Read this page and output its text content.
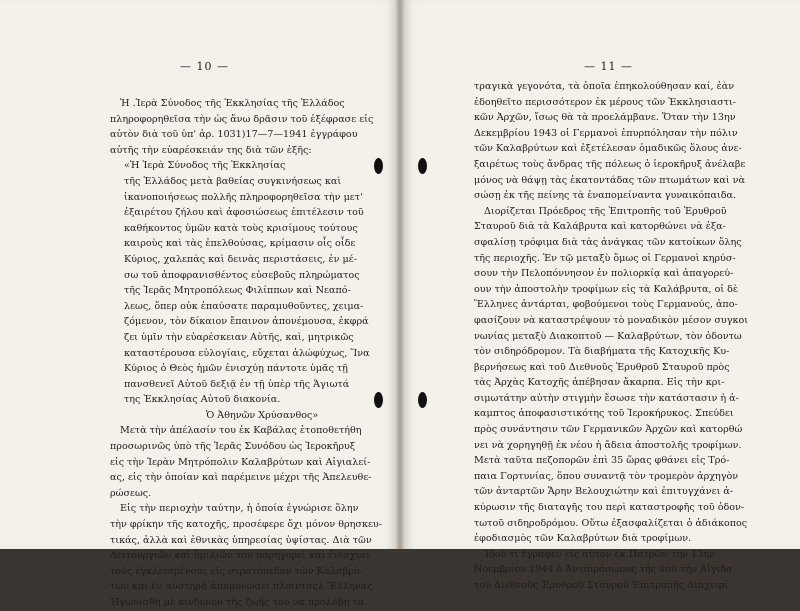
— 10 —
Ἡ .Ἱερὰ Σύνοδος τῆς Ἐκκλησίας τῆς Ἑλλάδος
πληροφορηθεῖσα τὴν ὡς ἄνω δρᾶσιν τοῦ ἐξέφρασε εἰς
αὐτὸν διὰ τοῦ ὑπ' ἀρ. 1031)17—7—1941 ἐγγράφου
αὐτῆς τὴν εὐαρέσκειάν της διὰ τῶν ἑξῆς:
«Ἡ Ἱερὰ Σύνοδος τῆς Ἐκκλησίας
τῆς Ἑλλάδος μετὰ βαθείας συγκινήσεως καὶ
ἱκανοποιήσεως πολλῆς πληροφορηθεῖσα τὴν μετ'
ἐξαιρέτου ζήλου καὶ ἀφοσιώσεως ἐπιτέλεσιν τοῦ
καθήκοντος ὑμῶν κατὰ τοὺς κρισίμους τούτους
καιροὺς καὶ τὰς ἐπελθούσας, κρίμασιν οἷς οἶδε
Κύριος, χαλεπὰς καὶ δεινὰς περιστάσεις, ἐν μέ-
σω τοῦ ἀποφρανισθέντος εὐσεβοῦς πληρώματος
τῆς Ἱερᾶς Μητροπόλεως Φιλίππων καὶ Νεαπό-
λεως, ὅπερ οὐκ ἐπαύσατε παραμυθοῦντες, χειμα-
ζόμενον, τὸν δίκαιον ἔπαινον ἀπονέμουσα, ἐκφρά
ζει ὑμῖν τὴν εὐαρέσκειαν Αὐτῆς, καὶ, μητρικῶς
καταστέρουσα εὐλογίαις, εὔχεται ἀλώφύχως, Ἵνα
Κύριος ὁ Θεὸς ἡμῶν ἐνισχύῃ πάντοτε ὑμᾶς τῇ
πανσθενεῖ Αὐτοῦ δεξιᾷ ἐν τῇ ὑπὲρ τῆς Ἁγιωτά
της Ἐκκλησίας Αὐτοῦ διακονία.
Ὁ Ἀθηνῶν Χρύσανθος»
Μετὰ τὴν ἀπέλασίν του ἐκ Καβάλας ἐτοποθετήθη
προσωρινῶς ὑπὸ τῆς Ἱερᾶς Συνόδου ὡς Ἱεροκῆρυξ
εἰς τὴν Ἱερὰν Μητρόπολιν Καλαβρύτων καὶ Αἰγιαλεί-
ας, εἰς τὴν ὁποίαν καὶ παρέμεινε μέχρι τῆς Ἀπελευθε-
ρώσεως.
Εἰς τὴν περιοχὴν ταύτην, ἡ ὁποία ἐγνώρισε ὅλην
τὴν φρίκην τῆς κατοχῆς, προσέφερε ὄχι μόνον θρησκευ-
τικάς, ἀλλὰ καὶ ἐθνικὰς ὑπηρεσίας ὑψίστας. Διὰ τῶν
Λειτουργιῶν καὶ ὁμιλιῶν του παρηγορεῖ καὶ ἐνισχύει
τοὺς ἐγκλεισμένους εἰς στρατόπεδον τῶν Καλαβρύ-
των καὶ ἐν αὐστηρᾷ ἀπομονώσει πλοίνταςλ Ἕλληνας.
Ἡγωνίσθη μὲ κίνδυνον τῆς ζωῆς του νὰ προλάβη τὰ
— 11 —
τραγικὰ γεγονότα, τὰ ὁποῖα ἐπηκολούθησαν καί, ἐὰν
ἐδοηθεῖτο περισσότερον ἐκ μέρους τῶν Ἐκκλησιαστι-
κῶν Ἀρχῶν, ἴσως θὰ τὰ προελάμβανε. Ὅταν τὴν 13ην
Δεκεμβρίου 1943 οἱ Γερμανοὶ ἐπυρπόλησαν τὴν πόλιν
τῶν Καλαβρύτων καὶ ἐξετέλεσαν ὁμαδικῶς ὅλους ἀνε-
ξαιρέτως τοὺς ἄνδρας τῆς πόλεως ὁ ἱεροκῆρυξ ἀνέλαβε
μόνος νὰ θάψῃ τὰς ἑκατοντάδας τῶν πτωμάτων καὶ νὰ
σώσῃ ἐκ τῆς πείνης τὰ ἐναπομείναντα γυναικόπαιδα.
Διορίζεται Πρόεδρος τῆς Ἐπιτροπῆς τοῦ Ἐρυθροῦ
Σταυροῦ διὰ τὰ Καλάβρυτα καὶ κατορθώνει νὰ ἐξα-
σφαλίσῃ τρόφιμα διὰ τὰς ἀνάγκας τῶν κατοίκων ὅλης
τῆς περιοχῆς. Ἐν τῷ μεταξὺ ὅμως οἱ Γερμανοὶ κηρύσ-
σουν τὴν Πελοπόννησον ἐν πολιορκίᾳ καὶ ἀπαγορεύ-
ουν τὴν ἀποστολὴν τροφίμων εἰς τὰ Καλάβρυτα, οἱ δὲ
Ἕλληνες ἀντάρται, φοβούμενοι τοὺς Γερμανούς, ἀπο-
φασίζουν νὰ καταστρέψουν τὸ μοναδικὸν μέσον συγκοι
νωνίας μεταξὺ Διακοπτοῦ — Καλαβρύτων, τὸν ὀδοντω
τὸν σιδηρόδρομον. Τὰ διαβήματα τῆς Κατοχικῆς Κυ-
βερνήσεως καὶ τοῦ Διεθνοῦς Ἐρυθροῦ Σταυροῦ πρὸς
τὰς Ἀρχὰς Κατοχῆς ἀπέβησαν ἄκαρπα. Εἰς τὴν κρι-
σιμωτάτην αὐτὴν στιγμὴν ἔσωσε τὴν κατάστασιν ἡ ἀ-
καμπτος ἀποφασιστικότης τοῦ Ἱεροκήρυκος. Σπεύδει
πρὸς συνάντησιν τῶν Γερμανικῶν Ἀρχῶν καὶ κατορθώ
νει νὰ χορηγηθῇ ἐκ νέου ἡ ἄδεια ἀποστολῆς τροφίμων.
Μετὰ ταῦτα πεζοπορῶν ἐπὶ 35 ὥρας φθάνει εἰς Τρό-
παια Γορτυνίας, ὅπου συναντᾷ τὸν τρομερὸν ἀρχηγὸν
τῶν ἀνταρτῶν Ἄρην Βελουχιώτην καὶ ἐπιτυγχάνει ἀ-
κύρωσιν τῆς διαταγῆς του περὶ καταστροφῆς τοῦ ὀδον-
τωτοῦ σιδηροδρόμου. Οὕτω ἐξασφαλίζεται ὁ ἀδιάκοπος
ἐφοδιασμὸς τῶν Καλαβρύτων διὰ τροφίμων.
Ἰδοὺ τί ἔγραφεν εἰς αὐτὸν ἐκ Πατρῶν τὴν 13ην
Νοεμβρίου 1944 ὁ Ἀντιπρόσωπος τῆς ὑπὸ τὴν Αἰγίδα
τοῦ Διεθνοῦς Ἐρυθροῦ Σταυροῦ Ἐπιτροπῆς Διαχειρί
